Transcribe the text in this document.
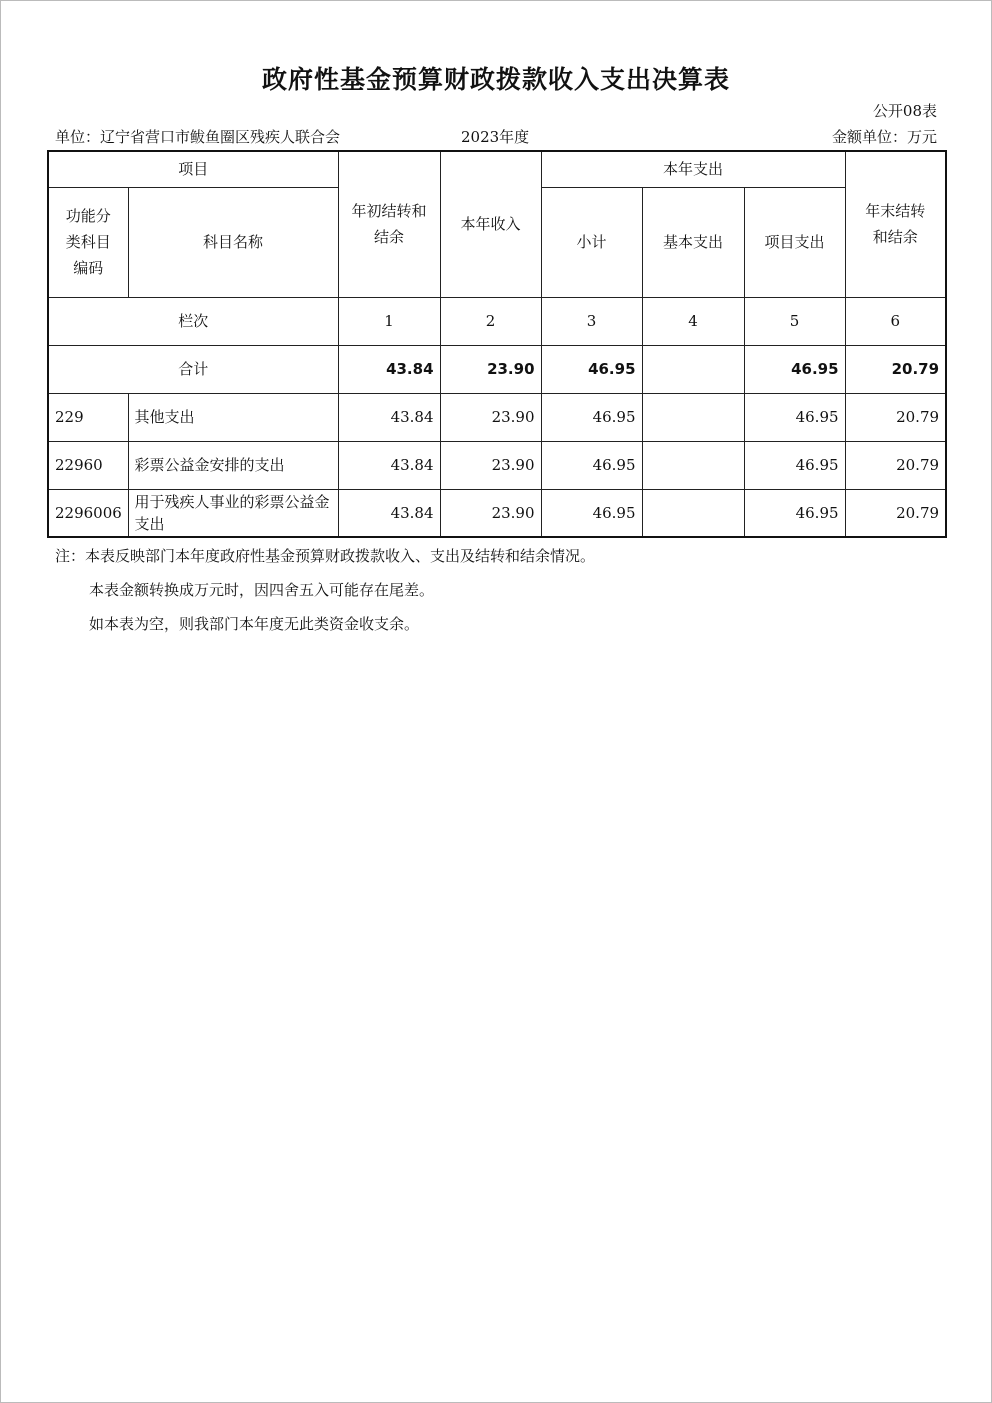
政府性基金预算财政拨款收入支出决算表
公开08表
单位：辽宁省营口市鲅鱼圈区残疾人联合会	2023年度	金额单位：万元
项目		年初结转和结余	本年收入	本年支出			年末结转和结余
功能分类科目编码	科目名称			小计	基本支出	项目支出	
栏次		1	2	3	4	5	6
合计		43.84	23.90	46.95		46.95	20.79
229	其他支出	43.84	23.90	46.95		46.95	20.79
22960	彩票公益金安排的支出	43.84	23.90	46.95		46.95	20.79
2296006	用于残疾人事业的彩票公益金支出	43.84	23.90	46.95		46.95	20.79
注：本表反映部门本年度政府性基金预算财政拨款收入、支出及结转和结余情况。
本表金额转换成万元时，因四舍五入可能存在尾差。
如本表为空，则我部门本年度无此类资金收支余。
